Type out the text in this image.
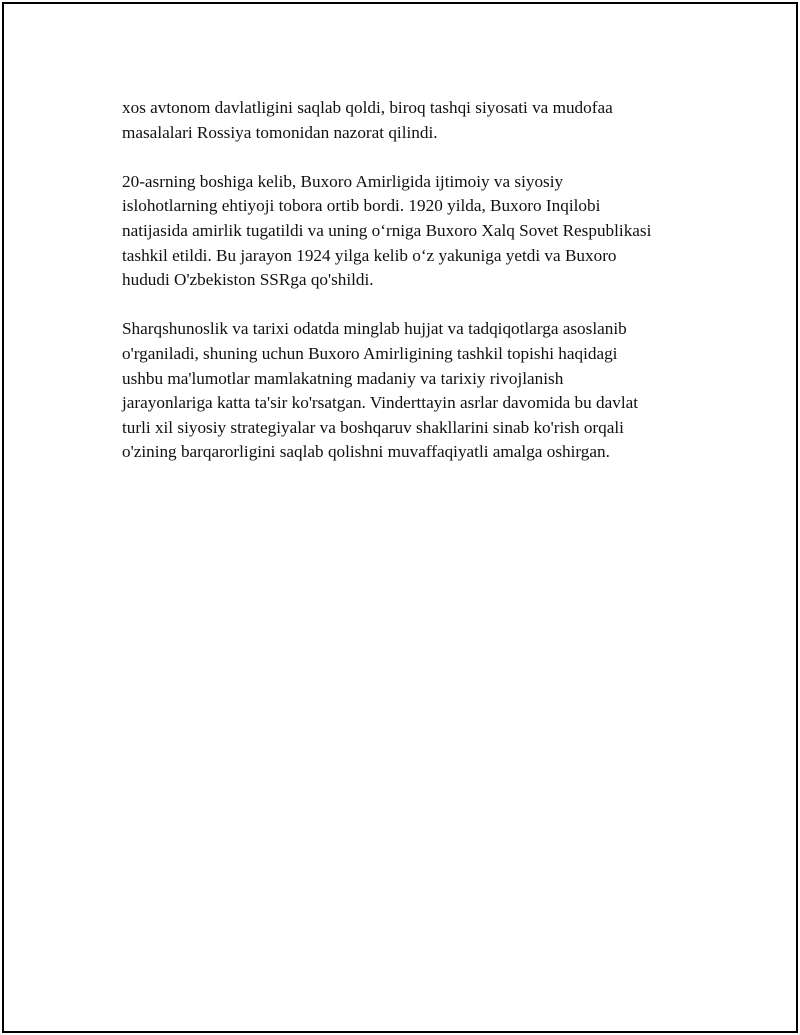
xos avtonom davlatligini saqlab qoldi, biroq tashqi siyosati va mudofaa
masalalari Rossiya tomonidan nazorat qilindi.

20-asrning boshiga kelib, Buxoro Amirligida ijtimoiy va siyosiy
islohotlarning ehtiyoji tobora ortib bordi. 1920 yilda, Buxoro Inqilobi
natijasida amirlik tugatildi va uning o‘rniga Buxoro Xalq Sovet Respublikasi
tashkil etildi. Bu jarayon 1924 yilga kelib o‘z yakuniga yetdi va Buxoro
hududi O'zbekiston SSRga qo'shildi.

Sharqshunoslik va tarixi odatda minglab hujjat va tadqiqotlarga asoslanib
o'rganiladi, shuning uchun Buxoro Amirligining tashkil topishi haqidagi
ushbu ma'lumotlar mamlakatning madaniy va tarixiy rivojlanish
jarayonlariga katta ta'sir ko'rsatgan. Vinderttayin asrlar davomida bu davlat
turli xil siyosiy strategiyalar va boshqaruv shakllarini sinab ko'rish orqali
o'zining barqarorligini saqlab qolishni muvaffaqiyatli amalga oshirgan.
